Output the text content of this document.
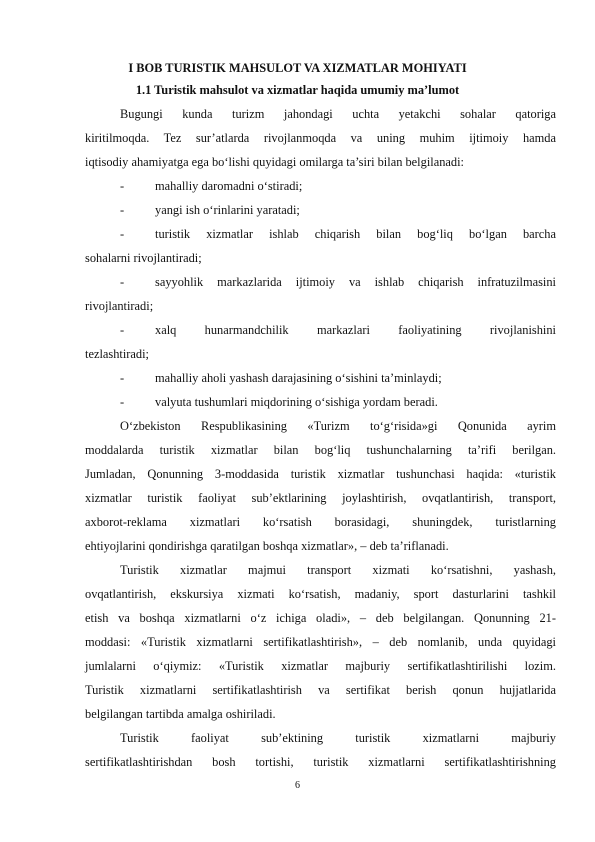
I BOB TURISTIK MAHSULOT VA XIZMATLAR MOHIYATI
1.1 Turistik mahsulot va xizmatlar haqida umumiy ma’lumot
Bugungi kunda turizm jahondagi uchta yetakchi sohalar qatoriga
kiritilmoqda. Tez sur’atlarda rivojlanmoqda va uning muhim ijtimoiy hamda
iqtisodiy ahamiyatga ega bo‘lishi quyidagi omilarga ta’siri bilan belgilanadi:
- mahalliy daromadni o‘stiradi;
- yangi ish o‘rinlarini yaratadi;
- turistik xizmatlar ishlab chiqarish bilan bog‘liq bo‘lgan barcha
sohalarni rivojlantiradi;
- sayyohlik markazlarida ijtimoiy va ishlab chiqarish infratuzilmasini
rivojlantiradi;
- xalq hunarmandchilik markazlari faoliyatining rivojlanishini
tezlashtiradi;
- mahalliy aholi yashash darajasining o‘sishini ta’minlaydi;
- valyuta tushumlari miqdorining o‘sishiga yordam beradi.
O‘zbekiston Respublikasining «Turizm to‘g‘risida»gi Qonunida ayrim
moddalarda turistik xizmatlar bilan bog‘liq tushunchalarning ta’rifi berilgan.
Jumladan, Qonunning 3-moddasida turistik xizmatlar tushunchasi haqida: «turistik
xizmatlar turistik faoliyat sub’ektlarining joylashtirish, ovqatlantirish, transport,
axborot-reklama xizmatlari ko‘rsatish borasidagi, shuningdek, turistlarning
ehtiyojlarini qondirishga qaratilgan boshqa xizmatlar», – deb ta’riflanadi.
Turistik xizmatlar majmui transport xizmati ko‘rsatishni, yashash,
ovqatlantirish, ekskursiya xizmati ko‘rsatish, madaniy, sport dasturlarini tashkil
etish va boshqa xizmatlarni o‘z ichiga oladi», – deb belgilangan. Qonunning 21-
moddasi: «Turistik xizmatlarni sertifikatlashtirish», – deb nomlanib, unda quyidagi
jumlalarni o‘qiymiz: «Turistik xizmatlar majburiy sertifikatlashtirilishi lozim.
Turistik xizmatlarni sertifikatlashtirish va sertifikat berish qonun hujjatlarida
belgilangan tartibda amalga oshiriladi.
Turistik faoliyat sub’ektining turistik xizmatlarni majburiy
sertifikatlashtirishdan bosh tortishi, turistik xizmatlarni sertifikatlashtirishning
6
